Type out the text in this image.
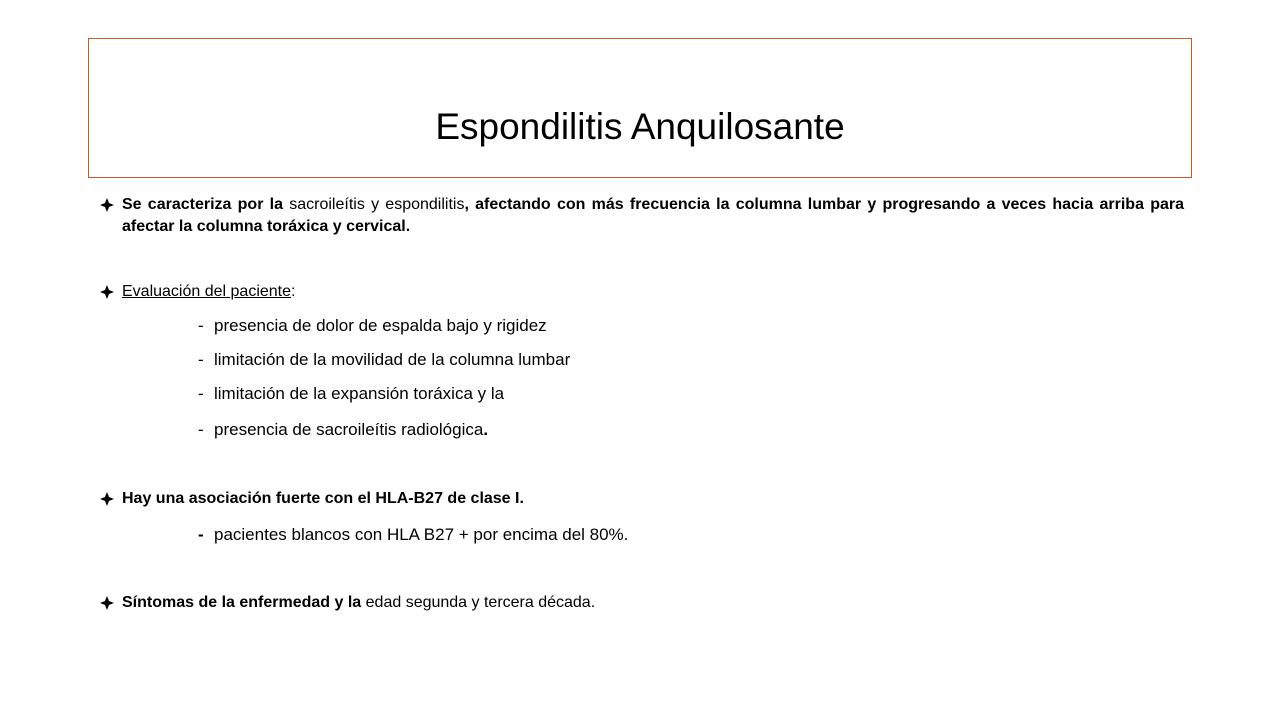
Espondilitis Anquilosante
Se caracteriza por la sacroileítis y espondilitis, afectando con más frecuencia la columna lumbar y progresando a veces hacia arriba para afectar la columna toráxica y cervical.
Evaluación del paciente:
- presencia de dolor de espalda bajo y rigidez
- limitación de la movilidad de la columna lumbar
- limitación de la expansión toráxica y la
- presencia de sacroileítis radiológica.
Hay una asociación fuerte con el HLA-B27 de clase I.
- pacientes blancos con HLA B27 + por encima del 80%.
Síntomas de la enfermedad y la edad segunda y tercera década.
